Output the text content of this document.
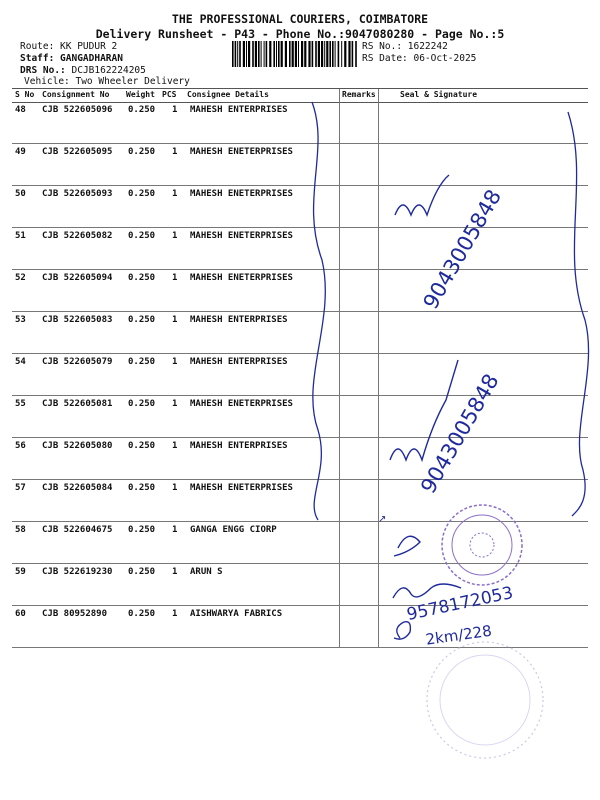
THE PROFESSIONAL COURIERS, COIMBATORE
Delivery Runsheet - P43 - Phone No.:9047080280 - Page No.:5
Route: KK PUDUR 2
Staff: GANGADHARAN
DRS No.: DCJB162224205
Vehicle: Two Wheeler Delivery
RS No.: 1622242
RS Date: 06-Oct-2025
S No Consignment No Weight PCS Consignee Details	Remarks	Seal & Signature
48 CJB 522605096 0.250 1 MAHESH ENTERPRISES
49 CJB 522605095 0.250 1 MAHESH ENETERPRISES
50 CJB 522605093 0.250 1 MAHESH ENETERPRISES
51 CJB 522605082 0.250 1 MAHESH ENETERPRISES
52 CJB 522605094 0.250 1 MAHESH ENETERPRISES
53 CJB 522605083 0.250 1 MAHESH ENTERPRISES
54 CJB 522605079 0.250 1 MAHESH ENTERPRISES
55 CJB 522605081 0.250 1 MAHESH ENETERPRISES
56 CJB 522605080 0.250 1 MAHESH ENTERPRISES
57 CJB 522605084 0.250 1 MAHESH ENETERPRISES
58 CJB 522604675 0.250 1 GANGA ENGG CIORP
59 CJB 522619230 0.250 1 ARUN S
60 CJB 80952890 0.250 1 AISHWARYA FABRICS
9043005848
9043005848
9578172053
2km/228
↗
